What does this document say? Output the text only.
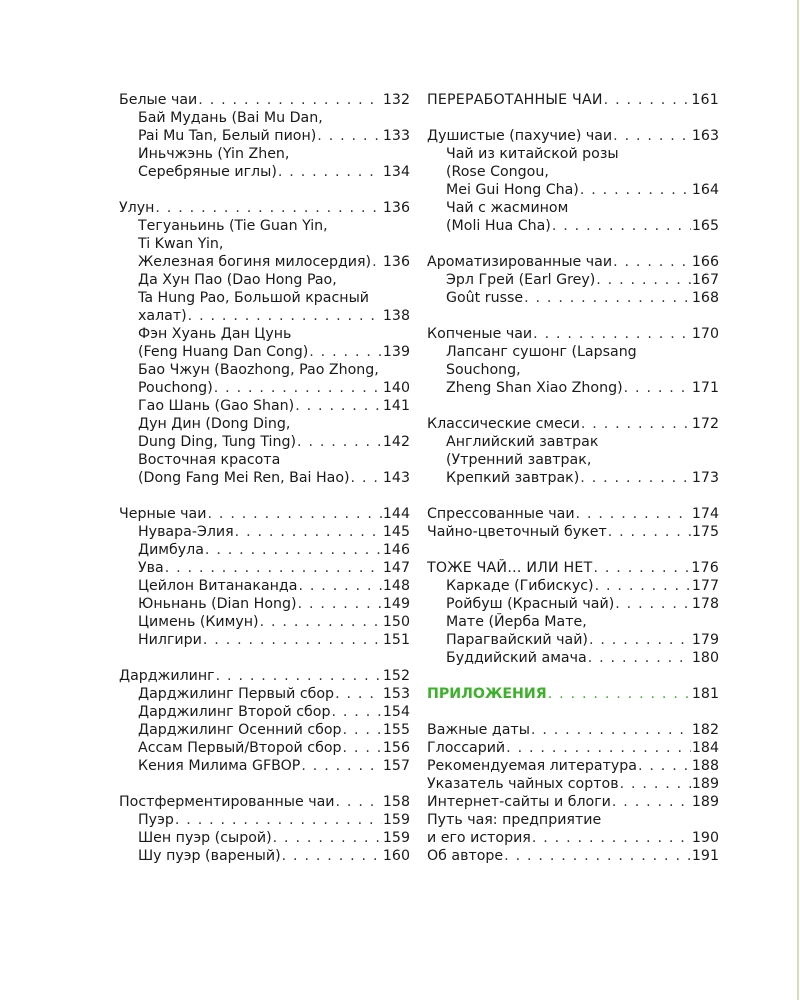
Белые чаи . . .	132
Бай Мудань (Bai Mu Dan,
Pai Mu Tan, Белый пион) . . .	133
Иньчжэнь (Yin Zhen,
Серебряные иглы) . . .	134
Улун . . .	136
Тегуаньинь (Tie Guan Yin,
Ti Kwan Yin,
Железная богиня милосердия) . . . 136
Да Хун Пао (Dao Hong Pao,
Ta Hung Pao, Большой красный
халат) . . .	138
Фэн Хуань Дан Цунь
(Feng Huang Dan Cong) . . .	139
Бао Чжун (Baozhong, Pao Zhong,
Pouchong) . . .	140
Гао Шань (Gao Shan) . . .	141
Дун Дин (Dong Ding,
Dung Ding, Tung Ting) . . .	142
Восточная красота
(Dong Fang Mei Ren, Bai Hao) . . . 143
Черные чаи . . .	144
Нувара-Элия . . .	145
Димбула . . .	146
Ува . . .	147
Цейлон Витанаканда . . .	148
Юньнань (Dian Hong) . . .	149
Цимень (Кимун) . . .	150
Нилгири . . .	151
Дарджилинг . . .	152
Дарджилинг Первый сбор . . .	153
Дарджилинг Второй сбор . . .	154
Дарджилинг Осенний сбор . . .	155
Ассам Первый/Второй сбор . . .	156
Кения Милима GFBOP . . .	157
Постферментированные чаи . . .	158
Пуэр . . .	159
Шен пуэр (сырой) . . .	159
Шу пуэр (вареный) . . .	160
ПЕРЕРАБОТАННЫЕ ЧАИ . . .	161
Душистые (пахучие) чаи . . .	163
Чай из китайской розы
(Rose Congou,
Mei Gui Hong Cha) . . .	164
Чай с жасмином
(Moli Hua Cha) . . .	165
Ароматизированные чаи . . .	166
Эрл Грей (Earl Grey) . . .	167
Goût russe . . .	168
Копченые чаи . . .	170
Лапсанг сушонг (Lapsang
Souchong,
Zheng Shan Xiao Zhong) . . .	171
Классические смеси . . .	172
Английский завтрак
(Утренний завтрак,
Крепкий завтрак) . . .	173
Спрессованные чаи . . .	174
Чайно-цветочный букет . . .	175
ТОЖЕ ЧАЙ… ИЛИ НЕТ . . .	176
Каркаде (Гибискус) . . .	177
Ройбуш (Красный чай) . . .	178
Мате (Йерба Мате,
Парагвайский чай) . . .	179
Буддийский амача . . .	180
ПРИЛОЖЕНИЯ . . .	181
Важные даты . . .	182
Глоссарий . . .	184
Рекомендуемая литература . . .	188
Указатель чайных сортов . . .	189
Интернет-сайты и блоги . . .	189
Путь чая: предприятие
и его история . . .	190
Об авторе . . .	191
